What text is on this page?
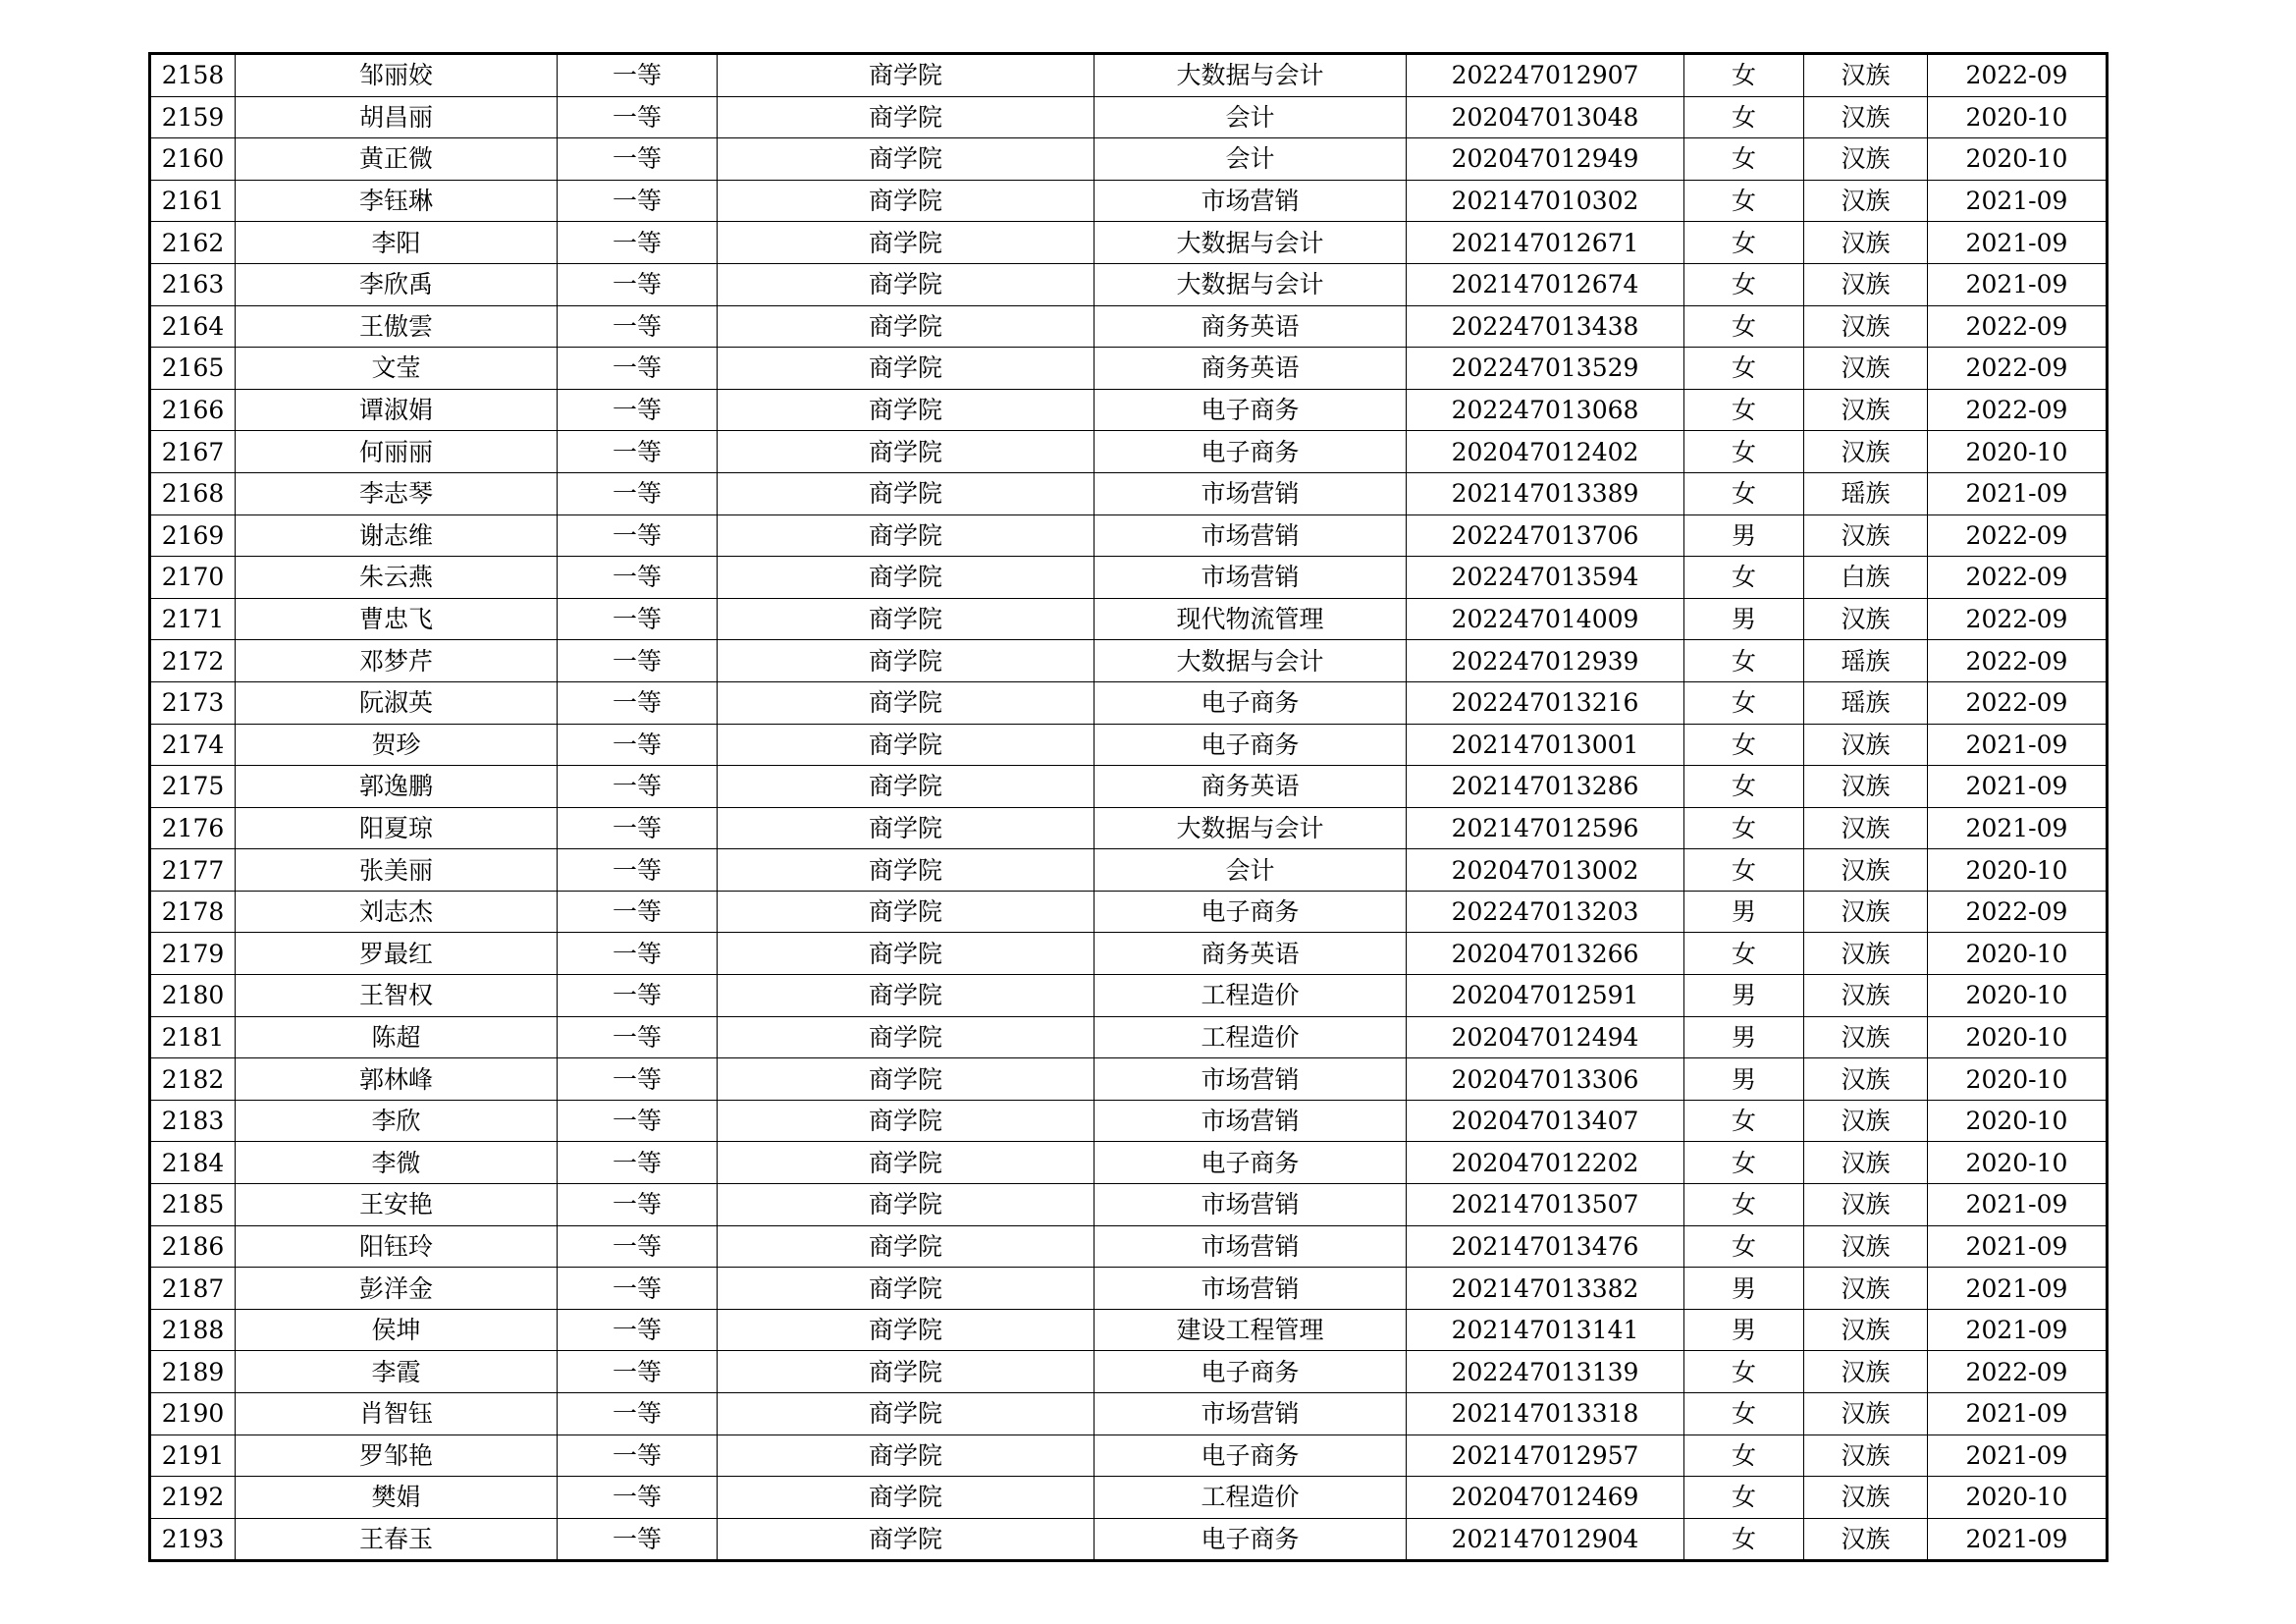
2158	邹丽姣	一等	商学院	大数据与会计	202247012907	女	汉族	2022-09
2159	胡昌丽	一等	商学院	会计	202047013048	女	汉族	2020-10
2160	黄正微	一等	商学院	会计	202047012949	女	汉族	2020-10
2161	李钰琳	一等	商学院	市场营销	202147010302	女	汉族	2021-09
2162	李阳	一等	商学院	大数据与会计	202147012671	女	汉族	2021-09
2163	李欣禹	一等	商学院	大数据与会计	202147012674	女	汉族	2021-09
2164	王傲雲	一等	商学院	商务英语	202247013438	女	汉族	2022-09
2165	文莹	一等	商学院	商务英语	202247013529	女	汉族	2022-09
2166	谭淑娟	一等	商学院	电子商务	202247013068	女	汉族	2022-09
2167	何丽丽	一等	商学院	电子商务	202047012402	女	汉族	2020-10
2168	李志琴	一等	商学院	市场营销	202147013389	女	瑶族	2021-09
2169	谢志维	一等	商学院	市场营销	202247013706	男	汉族	2022-09
2170	朱云燕	一等	商学院	市场营销	202247013594	女	白族	2022-09
2171	曹忠飞	一等	商学院	现代物流管理	202247014009	男	汉族	2022-09
2172	邓梦芹	一等	商学院	大数据与会计	202247012939	女	瑶族	2022-09
2173	阮淑英	一等	商学院	电子商务	202247013216	女	瑶族	2022-09
2174	贺珍	一等	商学院	电子商务	202147013001	女	汉族	2021-09
2175	郭逸鹏	一等	商学院	商务英语	202147013286	女	汉族	2021-09
2176	阳夏琼	一等	商学院	大数据与会计	202147012596	女	汉族	2021-09
2177	张美丽	一等	商学院	会计	202047013002	女	汉族	2020-10
2178	刘志杰	一等	商学院	电子商务	202247013203	男	汉族	2022-09
2179	罗最红	一等	商学院	商务英语	202047013266	女	汉族	2020-10
2180	王智权	一等	商学院	工程造价	202047012591	男	汉族	2020-10
2181	陈超	一等	商学院	工程造价	202047012494	男	汉族	2020-10
2182	郭林峰	一等	商学院	市场营销	202047013306	男	汉族	2020-10
2183	李欣	一等	商学院	市场营销	202047013407	女	汉族	2020-10
2184	李微	一等	商学院	电子商务	202047012202	女	汉族	2020-10
2185	王安艳	一等	商学院	市场营销	202147013507	女	汉族	2021-09
2186	阳钰玲	一等	商学院	市场营销	202147013476	女	汉族	2021-09
2187	彭洋金	一等	商学院	市场营销	202147013382	男	汉族	2021-09
2188	侯坤	一等	商学院	建设工程管理	202147013141	男	汉族	2021-09
2189	李霞	一等	商学院	电子商务	202247013139	女	汉族	2022-09
2190	肖智钰	一等	商学院	市场营销	202147013318	女	汉族	2021-09
2191	罗邹艳	一等	商学院	电子商务	202147012957	女	汉族	2021-09
2192	樊娟	一等	商学院	工程造价	202047012469	女	汉族	2020-10
2193	王春玉	一等	商学院	电子商务	202147012904	女	汉族	2021-09
